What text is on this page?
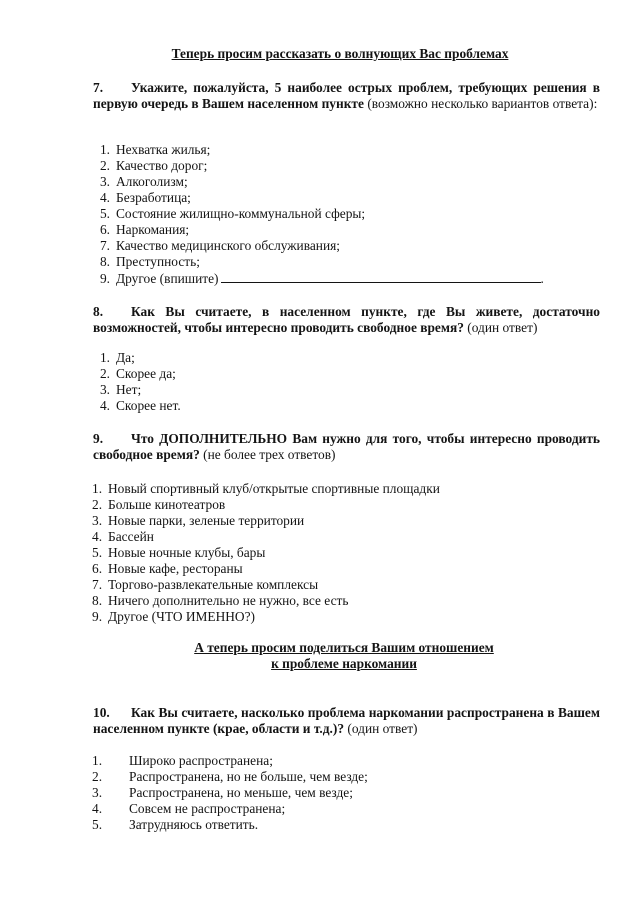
Теперь просим рассказать о волнующих Вас проблемах
7. Укажите, пожалуйста, 5 наиболее острых проблем, требующих решения в первую очередь в Вашем населенном пункте (возможно несколько вариантов ответа):
1. Нехватка жилья;
2. Качество дорог;
3. Алкоголизм;
4. Безработица;
5. Состояние жилищно-коммунальной сферы;
6. Наркомания;
7. Качество медицинского обслуживания;
8. Преступность;
9. Другое (впишите)	.
8. Как Вы считаете, в населенном пункте, где Вы живете, достаточно возможностей, чтобы интересно проводить свободное время? (один ответ)
1. Да;
2. Скорее да;
3. Нет;
4. Скорее нет.
9. Что ДОПОЛНИТЕЛЬНО Вам нужно для того, чтобы интересно проводить свободное время? (не более трех ответов)
1. Новый спортивный клуб/открытые спортивные площадки
2. Больше кинотеатров
3. Новые парки, зеленые территории
4. Бассейн
5. Новые ночные клубы, бары
6. Новые кафе, рестораны
7. Торгово-развлекательные комплексы
8. Ничего дополнительно не нужно, все есть
9. Другое (ЧТО ИМЕННО?)
А теперь просим поделиться Вашим отношением
к проблеме наркомании
10. Как Вы считаете, насколько проблема наркомании распространена в Вашем населенном пункте (крае, области и т.д.)? (один ответ)
1. Широко распространена;
2. Распространена, но не больше, чем везде;
3. Распространена, но меньше, чем везде;
4. Совсем не распространена;
5. Затрудняюсь ответить.
